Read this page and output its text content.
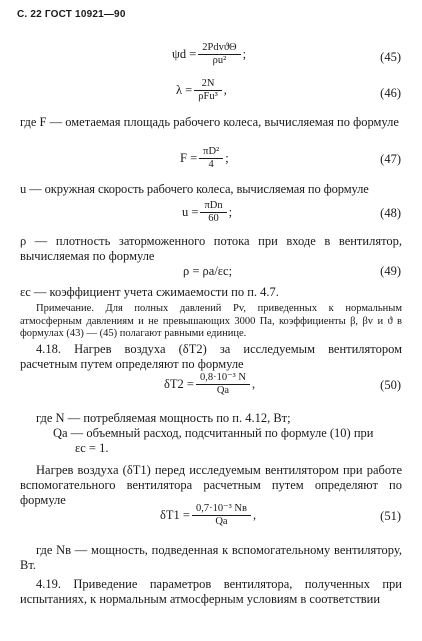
С. 22 ГОСТ 10921—90
$\psi d = \frac{\text{2PdvϑΘ}}{\text{ρu²}}$ ;	(45)
$\lambda = \frac{2N}{\text{ρFu³}}$ ,	(46)
где F — ометаемая площадь рабочего колеса, вычисляемая по формуле
$F = \frac{\text{πD²}}{4}$ ;	(47)
u — окружная скорость рабочего колеса, вычисляемая по формуле
$u = \frac{\text{πDn}}{60}$ ;	(48)
ρ — плотность заторможенного потока при входе в вентилятор, вычисляемая по формуле
ρ = ρa/εc;	(49)
εc — коэффициент учета сжимаемости по п. 4.7.
Примечание. Для полных давлений Pv, приведенных к нормальным атмосферным давлениям и не превышающих 3000 Па, коэффициенты β, βv и ϑ в формулах (43) — (45) полагают равными единице.
4.18. Нагрев воздуха (δT2) за исследуемым вентилятором расчетным путем определяют по формуле
$\delta T2 = \frac{\text{0,8·10⁻³ N}}{Qa}$ ,	(50)
где N — потребляемая мощность по п. 4.12, Вт;
Qa — объемный расход, подсчитанный по формуле (10) при
εc = 1.
Нагрев воздуха (δT1) перед исследуемым вентилятором при работе вспомогательного вентилятора расчетным путем определяют по формуле
$\delta T1 = \frac{\text{0,7·10⁻³ Nв}}{Qa}$ ,	(51)
где Nв — мощность, подведенная к вспомогательному вентилятору, Вт.
4.19. Приведение параметров вентилятора, полученных при испытаниях, к нормальным атмосферным условиям в соответствии
